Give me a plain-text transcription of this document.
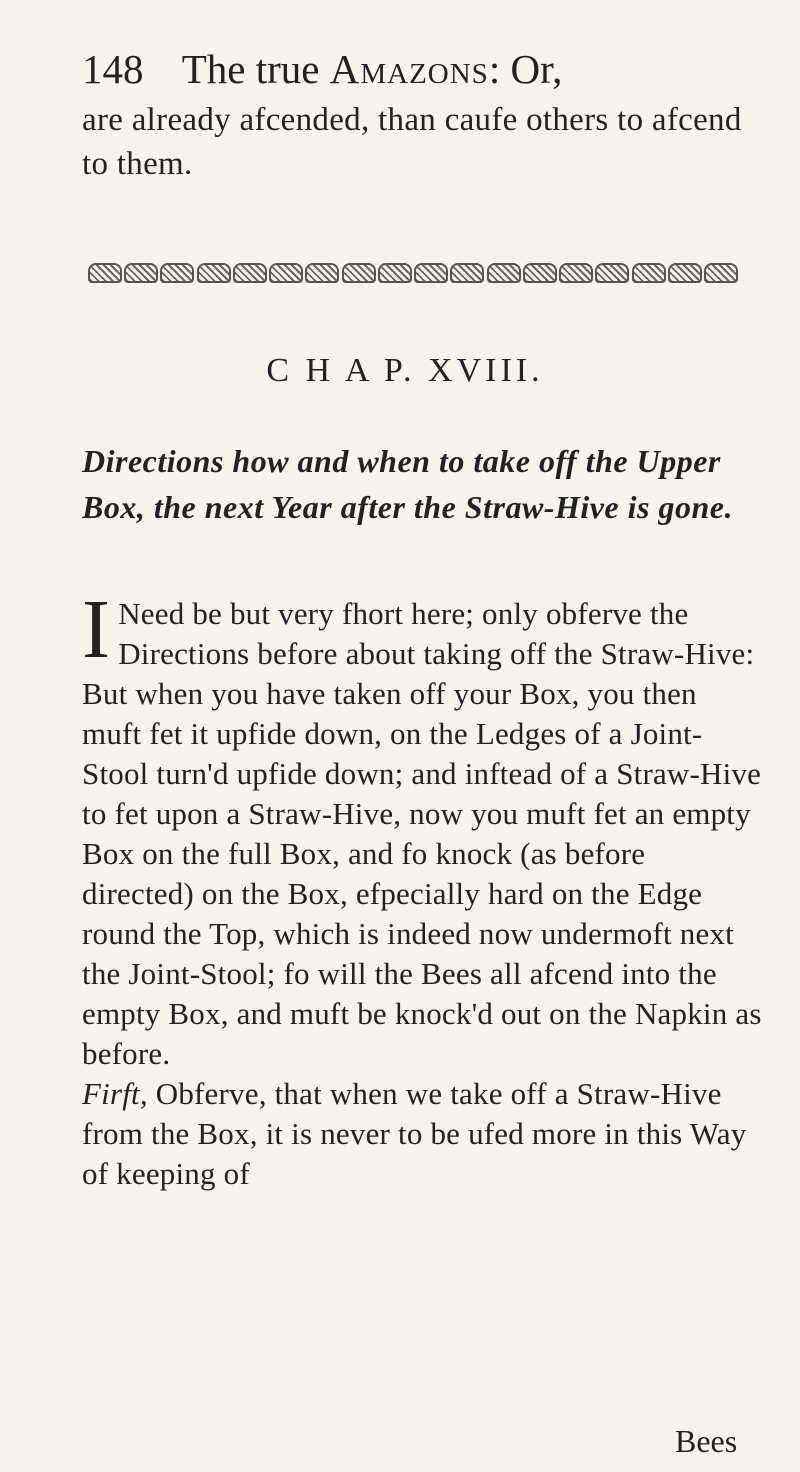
148 The true Amazons: Or,
are already afcended, than caufe others to afcend to them.
C H A P. XVIII.
Directions how and when to take off the Upper Box, the next Year after the Straw-Hive is gone.

I Need be but very fhort here; only obferve the Directions before about taking off the Straw-Hive: But when you have taken off your Box, you then muft fet it upfide down, on the Ledges of a Joint-Stool turn'd upfide down; and inftead of a Straw-Hive to fet upon a Straw-Hive, now you muft fet an empty Box on the full Box, and fo knock (as before directed) on the Box, efpecially hard on the Edge round the Top, which is indeed now undermoft next the Joint-Stool; fo will the Bees all afcend into the empty Box, and muft be knock'd out on the Napkin as before.

Firft, Obferve, that when we take off a Straw-Hive from the Box, it is never to be ufed more in this Way of keeping of

Bees
